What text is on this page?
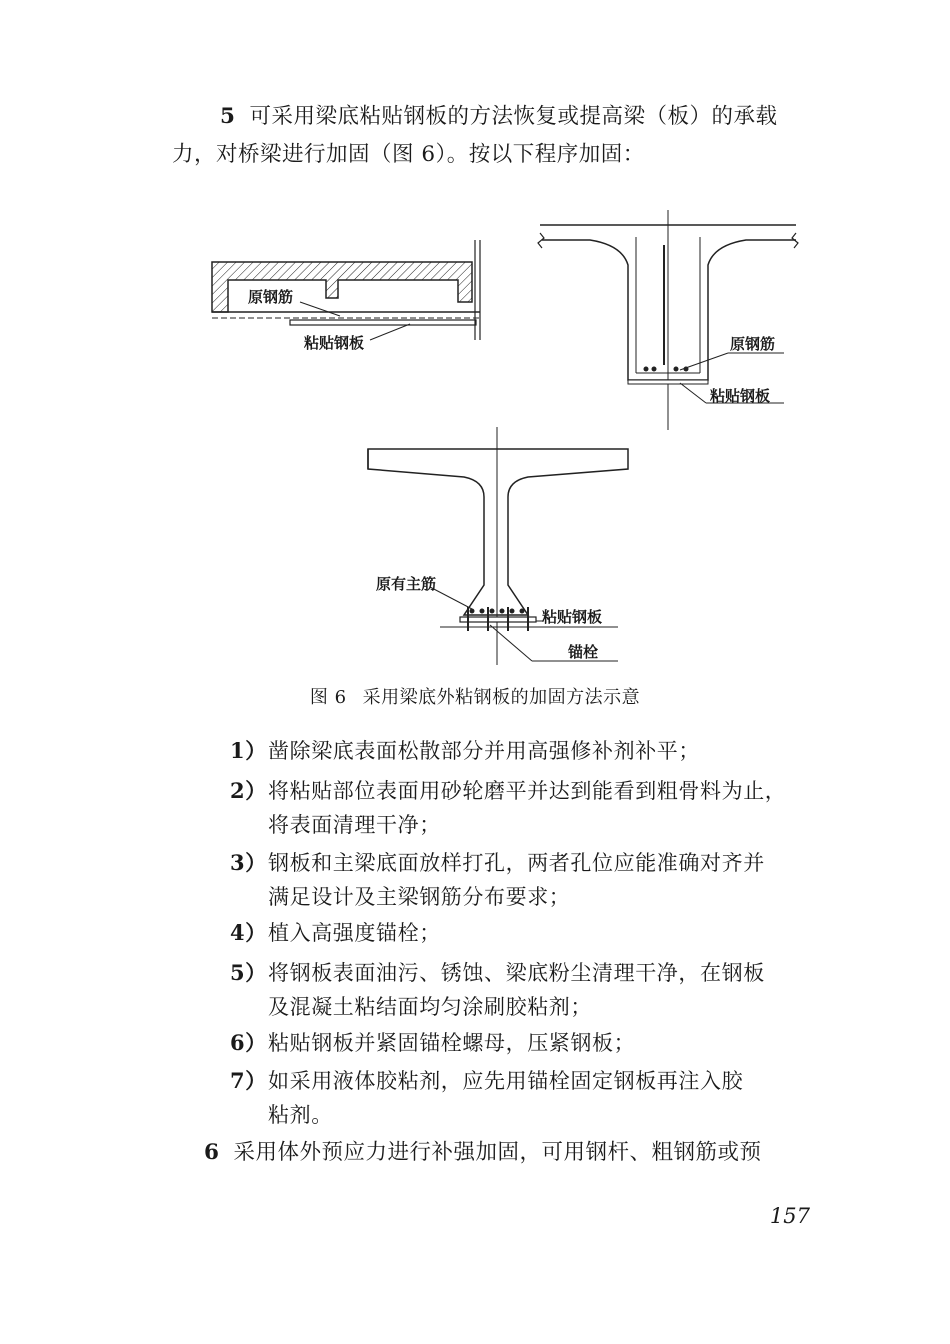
5 可采用梁底粘贴钢板的方法恢复或提高梁（板）的承载

力，对桥梁进行加固（图 6）。按以下程序加固：

原钢筋
粘贴钢板	原钢筋
粘贴钢板
原有主筋
粘贴钢板
锚栓
图 6 采用梁底外粘钢板的加固方法示意
1）凿除梁底表面松散部分并用高强修补剂补平；
2）将粘贴部位表面用砂轮磨平并达到能看到粗骨料为止，
将表面清理干净；
3）钢板和主梁底面放样打孔，两者孔位应能准确对齐并
满足设计及主梁钢筋分布要求；
4）植入高强度锚栓；
5）将钢板表面油污、锈蚀、梁底粉尘清理干净，在钢板
及混凝土粘结面均匀涂刷胶粘剂；
6）粘贴钢板并紧固锚栓螺母，压紧钢板；
7）如采用液体胶粘剂，应先用锚栓固定钢板再注入胶
粘剂。

6 采用体外预应力进行补强加固，可用钢杆、粗钢筋或预

157
